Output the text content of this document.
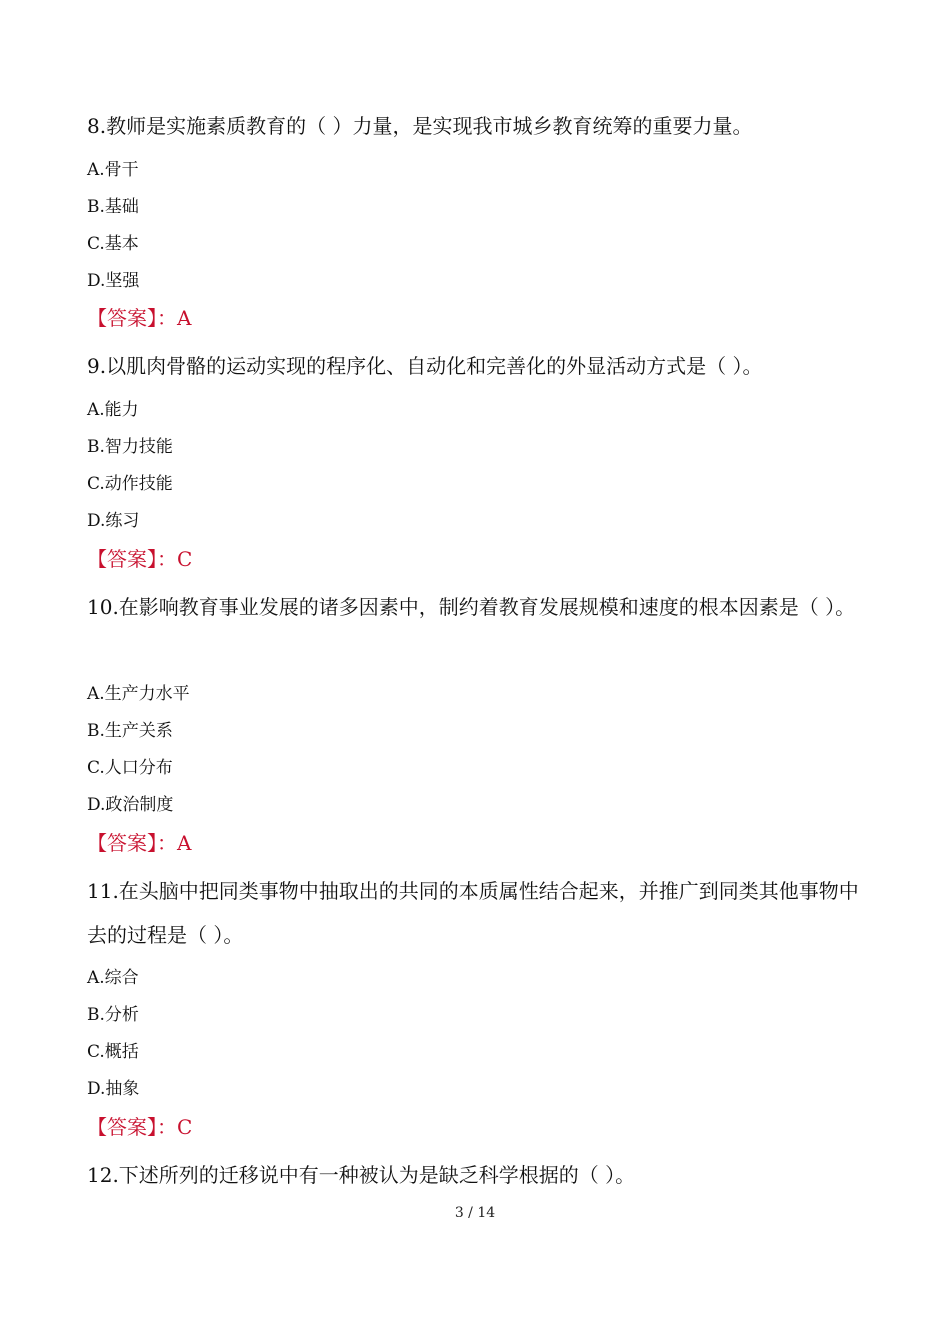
8.教师是实施素质教育的（ ）力量，是实现我市城乡教育统筹的重要力量。
A.骨干
B.基础
C.基本
D.坚强
【答案】：A
9.以肌肉骨骼的运动实现的程序化、自动化和完善化的外显活动方式是（ ）。
A.能力
B.智力技能
C.动作技能
D.练习
【答案】：C
10.在影响教育事业发展的诸多因素中，制约着教育发展规模和速度的根本因素是（ ）。
A.生产力水平
B.生产关系
C.人口分布
D.政治制度
【答案】：A
11.在头脑中把同类事物中抽取出的共同的本质属性结合起来，并推广到同类其他事物中去的过程是（ ）。
A.综合
B.分析
C.概括
D.抽象
【答案】：C
12.下述所列的迁移说中有一种被认为是缺乏科学根据的（ ）。
3 / 14
